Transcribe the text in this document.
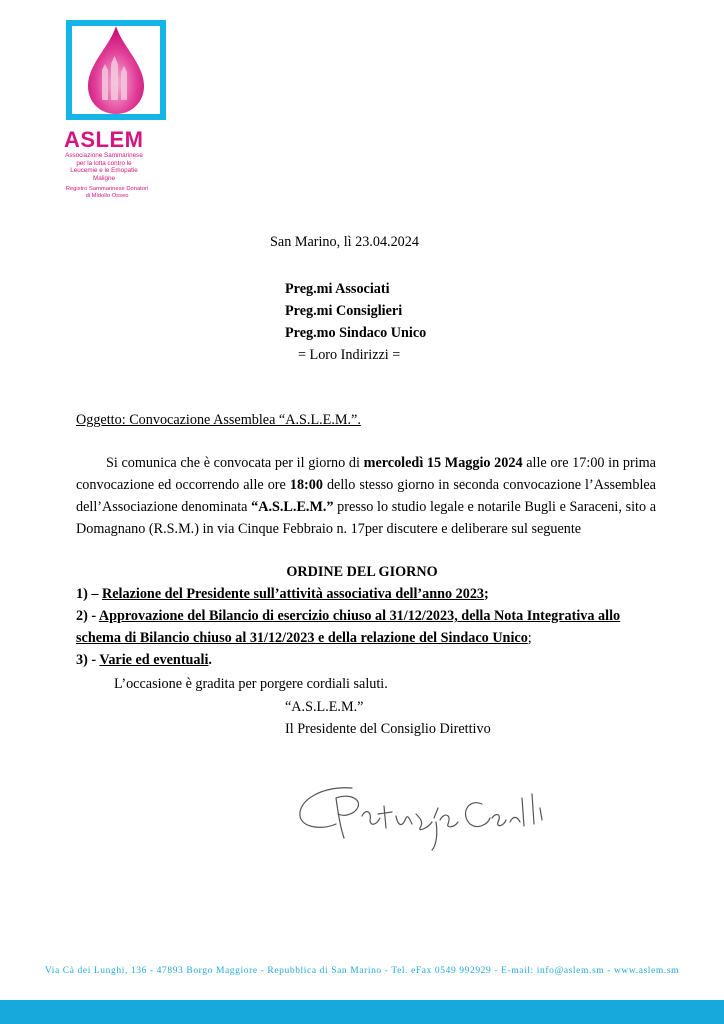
ASLEM
Associazione Sammarinese per la lotta contro le Leucemie e le Emopatie Maligne
Registro Sammarinese Donatori di Midollo Osseo
San Marino, lì 23.04.2024
Preg.mi Associati
Preg.mi Consiglieri
Preg.mo Sindaco Unico
= Loro Indirizzi =
Oggetto: Convocazione Assemblea “A.S.L.E.M.”.
Si comunica che è convocata per il giorno di mercoledì 15 Maggio 2024 alle ore 17:00 in prima convocazione ed occorrendo alle ore 18:00 dello stesso giorno in seconda convocazione l’Assemblea dell’Associazione denominata “A.S.L.E.M.” presso lo studio legale e notarile Bugli e Saraceni, sito a Domagnano (R.S.M.) in via Cinque Febbraio n. 17per discutere e deliberare sul seguente
ORDINE DEL GIORNO
1) – Relazione del Presidente sull’attività associativa dell’anno 2023;
2) - Approvazione del Bilancio di esercizio chiuso al 31/12/2023, della Nota Integrativa allo schema di Bilancio chiuso al 31/12/2023 e della relazione del Sindaco Unico;
3) - Varie ed eventuali.
L’occasione è gradita per porgere cordiali saluti.
“A.S.L.E.M.”
Il Presidente del Consiglio Direttivo
Via Cà dei Lunghi, 136 - 47893 Borgo Maggiore - Repubblica di San Marino - Tel. eFax 0549 992929 - E-mail: info@aslem.sm - www.aslem.sm
